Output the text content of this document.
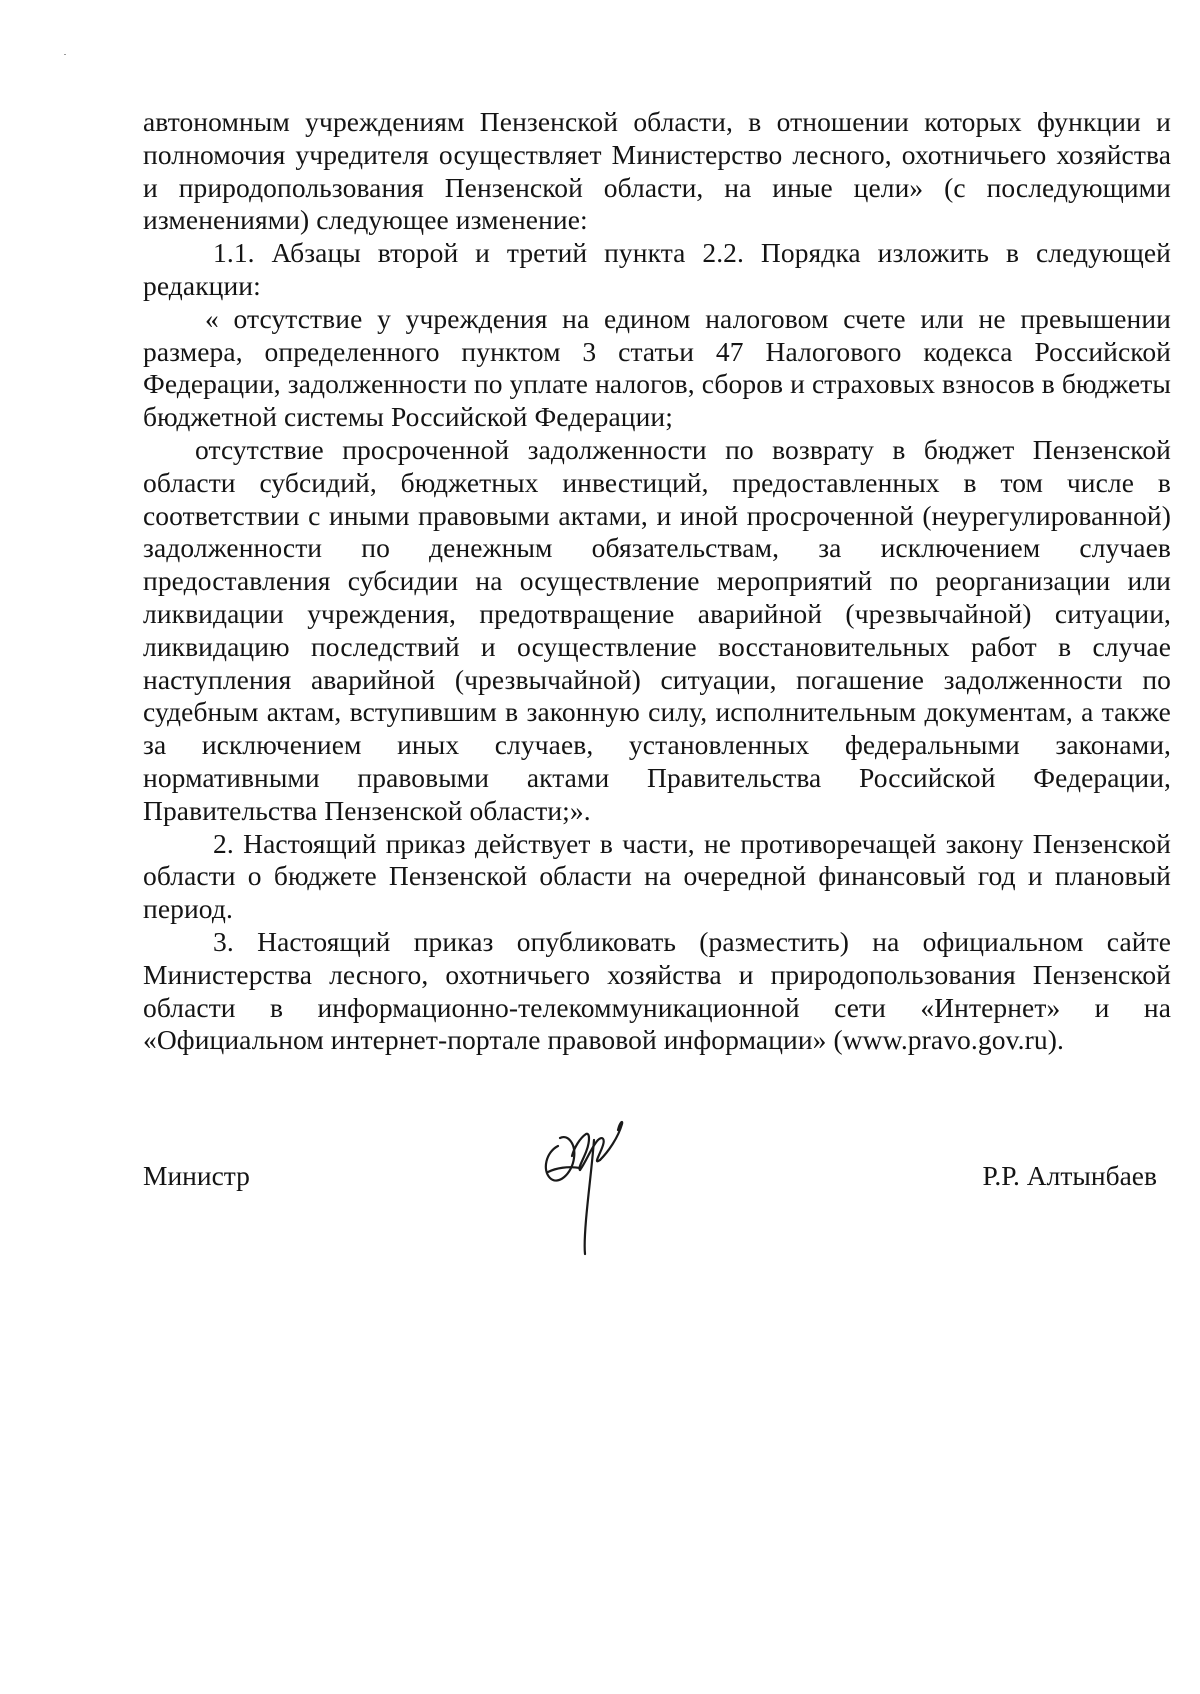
автономным учреждениям Пензенской области, в отношении которых функции и полномочия учредителя осуществляет Министерство лесного, охотничьего хозяйства и природопользования Пензенской области, на иные цели» (с последующими изменениями) следующее изменение:

1.1. Абзацы второй и третий пункта 2.2. Порядка изложить в следующей редакции:

« отсутствие у учреждения на едином налоговом счете или не превышении размера, определенного пунктом 3 статьи 47 Налогового кодекса Российской Федерации, задолженности по уплате налогов, сборов и страховых взносов в бюджеты бюджетной системы Российской Федерации;

отсутствие просроченной задолженности по возврату в бюджет Пензенской области субсидий, бюджетных инвестиций, предоставленных в том числе в соответствии с иными правовыми актами, и иной просроченной (неурегулированной) задолженности по денежным обязательствам, за исключением случаев предоставления субсидии на осуществление мероприятий по реорганизации или ликвидации учреждения, предотвращение аварийной (чрезвычайной) ситуации, ликвидацию последствий и осуществление восстановительных работ в случае наступления аварийной (чрезвычайной) ситуации, погашение задолженности по судебным актам, вступившим в законную силу, исполнительным документам, а также за исключением иных случаев, установленных федеральными законами, нормативными правовыми актами Правительства Российской Федерации, Правительства Пензенской области;».

2. Настоящий приказ действует в части, не противоречащей закону Пензенской области о бюджете Пензенской области на очередной финансовый год и плановый период.

3. Настоящий приказ опубликовать (разместить) на официальном сайте Министерства лесного, охотничьего хозяйства и природопользования Пензенской области в информационно-телекоммуникационной сети «Интернет» и на «Официальном интернет-портале правовой информации» (www.pravo.gov.ru).

Министр	Р.Р. Алтынбаев
